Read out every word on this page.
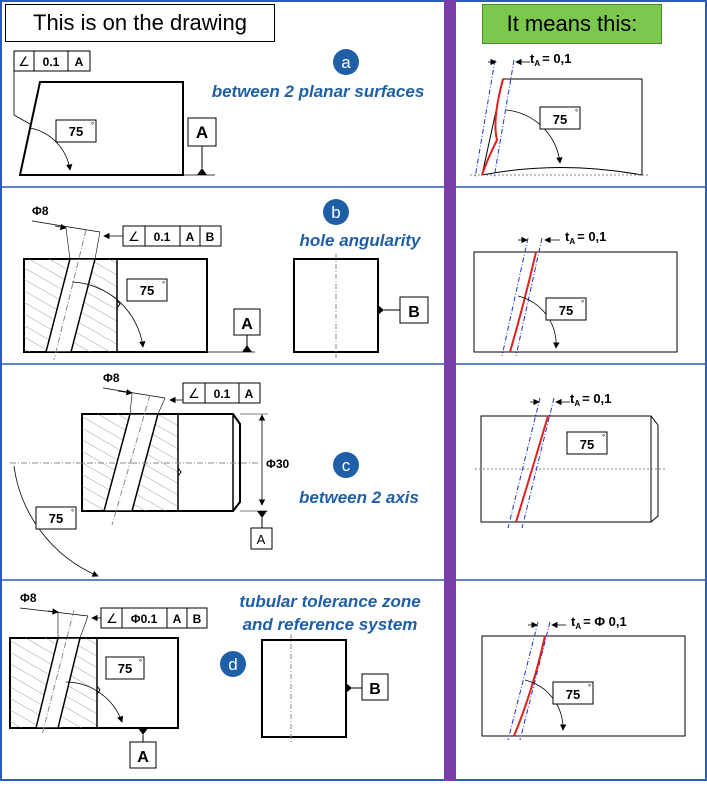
∠ 0.1 A
75 °	A
a
between 2 planar surfaces
$t_A = 0,1$
75 °
Φ8
∠ 0.1 A B
75 °
A
B
b
hole angularity	$t_A = 0,1$
75 °
Φ8
∠ 0.1 A
75 °
Φ30
A
c
between 2 axis
$t_A = 0,1$
75 °
Φ8
∠ Φ0.1 A B
75 °
A
B
d
tubular tolerance zone
and reference system	$t_A = \Phi$ 0,1
75 °
This is on the drawing	It means this:
